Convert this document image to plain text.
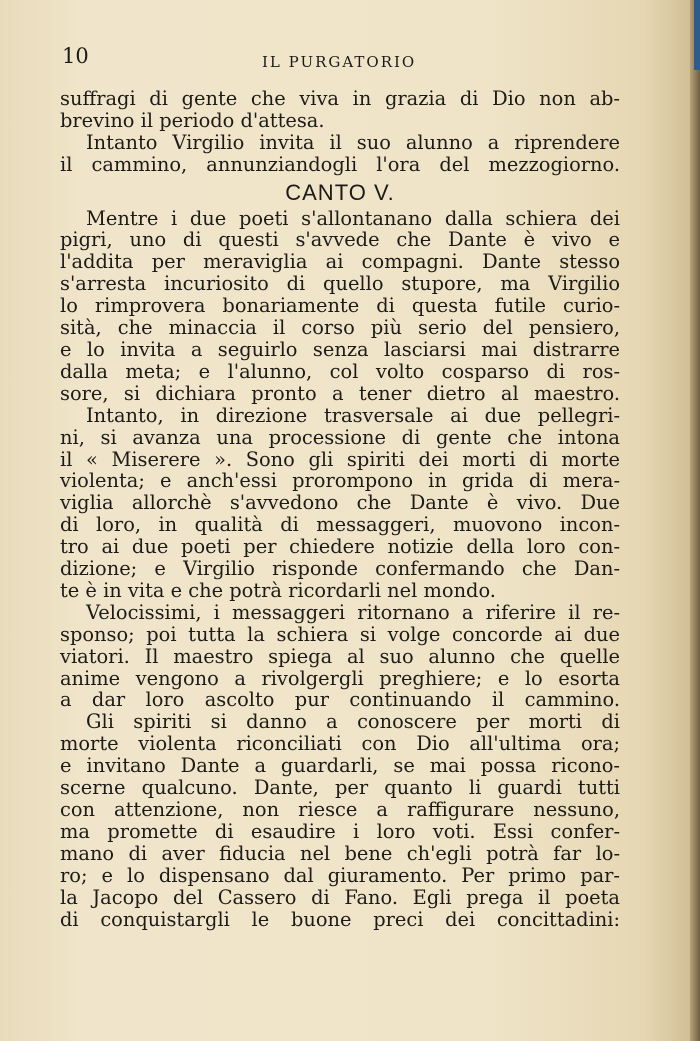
10	IL PURGATORIO
suffragi di gente che viva in grazia di Dio non ab-
brevino il periodo d'attesa.
Intanto Virgilio invita il suo alunno a riprendere
il cammino, annunziandogli l'ora del mezzogiorno.
CANTO V.
Mentre i due poeti s'allontanano dalla schiera dei
pigri, uno di questi s'avvede che Dante è vivo e
l'addita per meraviglia ai compagni. Dante stesso
s'arresta incuriosito di quello stupore, ma Virgilio
lo rimprovera bonariamente di questa futile curio-
sità, che minaccia il corso più serio del pensiero,
e lo invita a seguirlo senza lasciarsi mai distrarre
dalla meta; e l'alunno, col volto cosparso di ros-
sore, si dichiara pronto a tener dietro al maestro.
Intanto, in direzione trasversale ai due pellegri-
ni, si avanza una processione di gente che intona
il « Miserere ». Sono gli spiriti dei morti di morte
violenta; e anch'essi prorompono in grida di mera-
viglia allorchè s'avvedono che Dante è vivo. Due
di loro, in qualità di messaggeri, muovono incon-
tro ai due poeti per chiedere notizie della loro con-
dizione; e Virgilio risponde confermando che Dan-
te è in vita e che potrà ricordarli nel mondo.
Velocissimi, i messaggeri ritornano a riferire il re-
sponso; poi tutta la schiera si volge concorde ai due
viatori. Il maestro spiega al suo alunno che quelle
anime vengono a rivolgergli preghiere; e lo esorta
a dar loro ascolto pur continuando il cammino.
Gli spiriti si danno a conoscere per morti di
morte violenta riconciliati con Dio all'ultima ora;
e invitano Dante a guardarli, se mai possa ricono-
scerne qualcuno. Dante, per quanto li guardi tutti
con attenzione, non riesce a raffigurare nessuno,
ma promette di esaudire i loro voti. Essi confer-
mano di aver fiducia nel bene ch'egli potrà far lo-
ro; e lo dispensano dal giuramento. Per primo par-
la Jacopo del Cassero di Fano. Egli prega il poeta
di conquistargli le buone preci dei concittadini:
